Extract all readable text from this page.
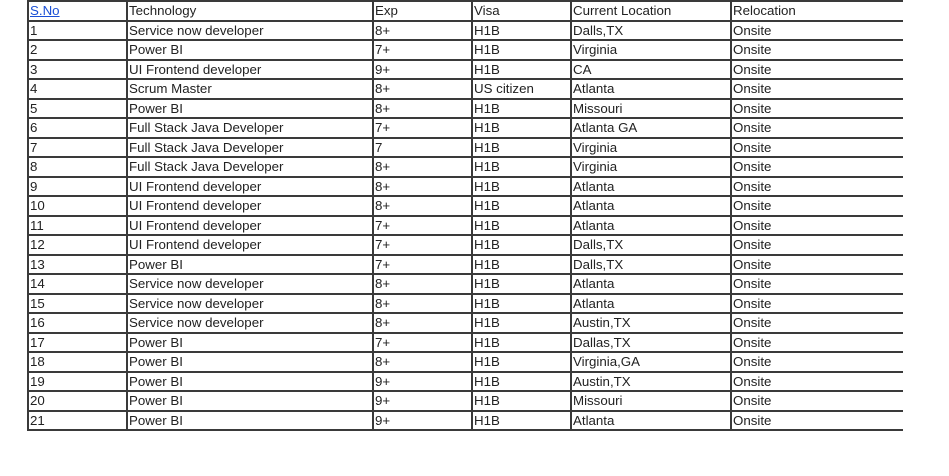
S.No	Technology	Exp	Visa	Current Location	Relocation
1	Service now developer	8+	H1B	Dalls,TX	Onsite
2	Power BI	7+	H1B	Virginia	Onsite
3	UI Frontend developer	9+	H1B	CA	Onsite
4	Scrum Master	8+	US citizen	Atlanta	Onsite
5	Power BI	8+	H1B	Missouri	Onsite
6	Full Stack Java Developer	7+	H1B	Atlanta GA	Onsite
7	Full Stack Java Developer	7	H1B	Virginia	Onsite
8	Full Stack Java Developer	8+	H1B	Virginia	Onsite
9	UI Frontend developer	8+	H1B	Atlanta	Onsite
10	UI Frontend developer	8+	H1B	Atlanta	Onsite
11	UI Frontend developer	7+	H1B	Atlanta	Onsite
12	UI Frontend developer	7+	H1B	Dalls,TX	Onsite
13	Power BI	7+	H1B	Dalls,TX	Onsite
14	Service now developer	8+	H1B	Atlanta	Onsite
15	Service now developer	8+	H1B	Atlanta	Onsite
16	Service now developer	8+	H1B	Austin,TX	Onsite
17	Power BI	7+	H1B	Dallas,TX	Onsite
18	Power BI	8+	H1B	Virginia,GA	Onsite
19	Power BI	9+	H1B	Austin,TX	Onsite
20	Power BI	9+	H1B	Missouri	Onsite
21	Power BI	9+	H1B	Atlanta	Onsite
